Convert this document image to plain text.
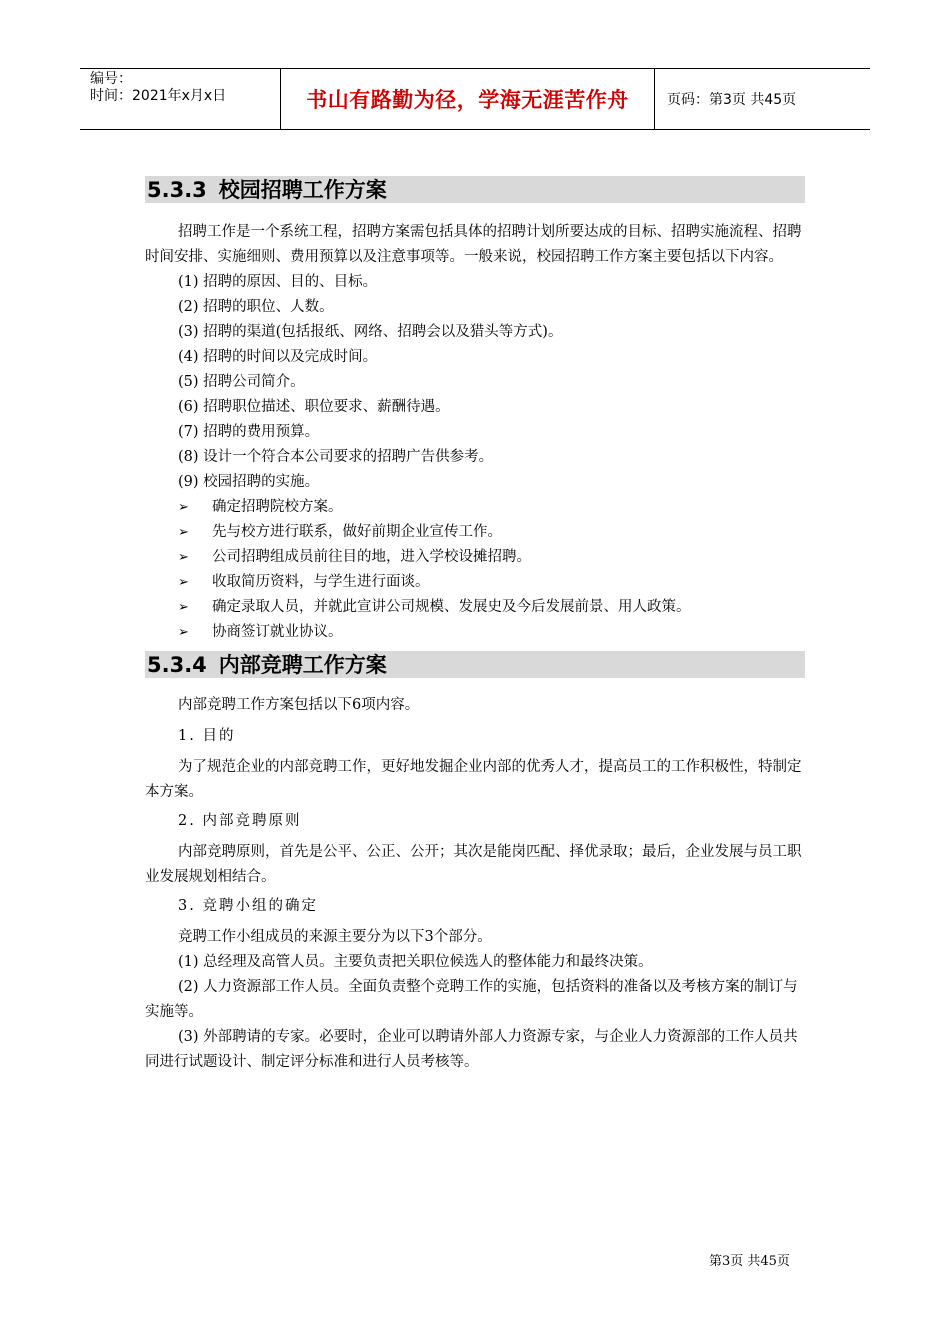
编号：
时间：2021年x月x日	书山有路勤为径，学海无涯苦作舟	页码：第3页 共45页
5.3.3 校园招聘工作方案

招聘工作是一个系统工程，招聘方案需包括具体的招聘计划所要达成的目标、招聘实施流程、招聘时间安排、实施细则、费用预算以及注意事项等。一般来说，校园招聘工作方案主要包括以下内容。

(1) 招聘的原因、目的、目标。

(2) 招聘的职位、人数。

(3) 招聘的渠道(包括报纸、网络、招聘会以及猎头等方式)。

(4) 招聘的时间以及完成时间。

(5) 招聘公司简介。

(6) 招聘职位描述、职位要求、薪酬待遇。

(7) 招聘的费用预算。

(8) 设计一个符合本公司要求的招聘广告供参考。

(9) 校园招聘的实施。

➢	确定招聘院校方案。
➢	先与校方进行联系，做好前期企业宣传工作。
➢	公司招聘组成员前往目的地，进入学校设摊招聘。
➢	收取简历资料，与学生进行面谈。
➢	确定录取人员，并就此宣讲公司规模、发展史及今后发展前景、用人政策。
➢	协商签订就业协议。
5.3.4 内部竞聘工作方案

内部竞聘工作方案包括以下6项内容。

1. 目的

为了规范企业的内部竞聘工作，更好地发掘企业内部的优秀人才，提高员工的工作积极性，特制定本方案。

2. 内部竞聘原则

内部竞聘原则，首先是公平、公正、公开；其次是能岗匹配、择优录取；最后，企业发展与员工职业发展规划相结合。

3. 竞聘小组的确定

竞聘工作小组成员的来源主要分为以下3个部分。

(1) 总经理及高管人员。主要负责把关职位候选人的整体能力和最终决策。

(2) 人力资源部工作人员。全面负责整个竞聘工作的实施，包括资料的准备以及考核方案的制订与实施等。

(3) 外部聘请的专家。必要时，企业可以聘请外部人力资源专家，与企业人力资源部的工作人员共同进行试题设计、制定评分标准和进行人员考核等。

第3页 共45页
